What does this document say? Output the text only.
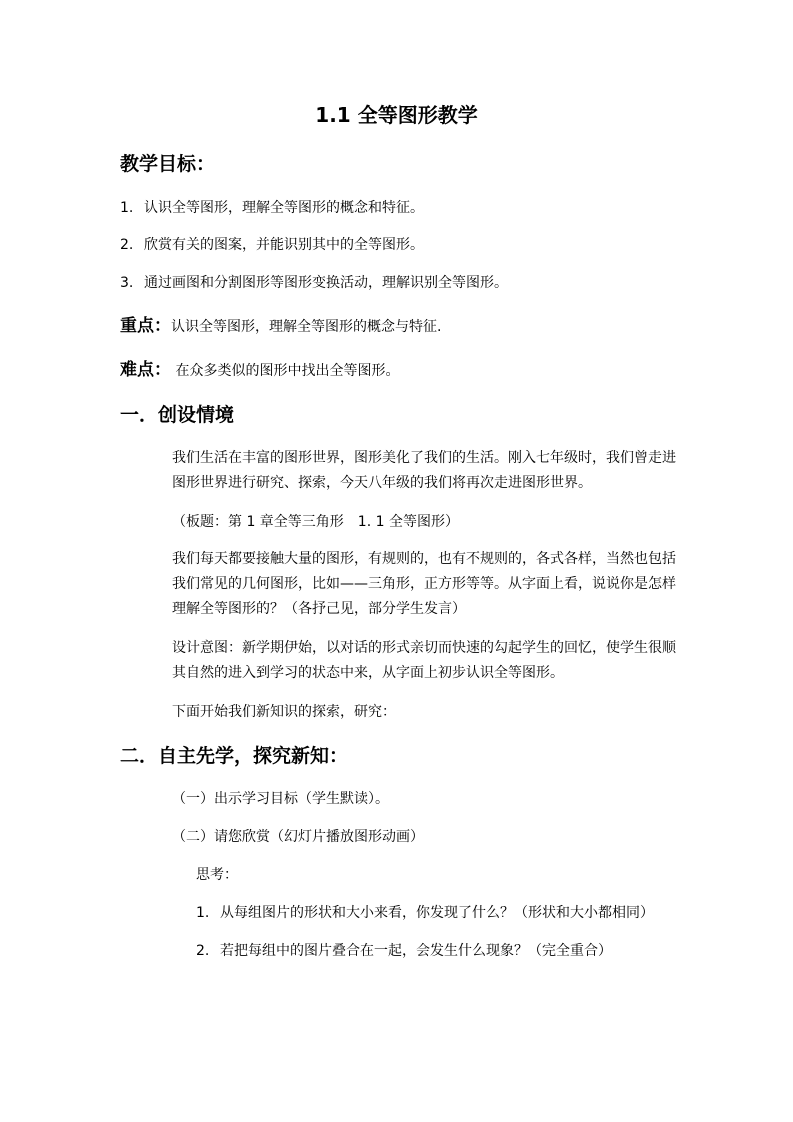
1.1 全等图形教学
教学目标：
1. 认识全等图形，理解全等图形的概念和特征。
2. 欣赏有关的图案，并能识别其中的全等图形。
3. 通过画图和分割图形等图形变换活动，理解识别全等图形。
重点：认识全等图形，理解全等图形的概念与特征.
难点： 在众多类似的图形中找出全等图形。
一．创设情境
我们生活在丰富的图形世界，图形美化了我们的生活。刚入七年级时，我们曾走进图形世界进行研究、探索，今天八年级的我们将再次走进图形世界。
（板题：第 1 章全等三角形　1. 1 全等图形）
我们每天都要接触大量的图形，有规则的，也有不规则的，各式各样，当然也包括我们常见的几何图形，比如——三角形，正方形等等。从字面上看，说说你是怎样理解全等图形的？（各抒己见，部分学生发言）
设计意图：新学期伊始，以对话的形式亲切而快速的勾起学生的回忆，使学生很顺其自然的进入到学习的状态中来，从字面上初步认识全等图形。
下面开始我们新知识的探索，研究：
二．自主先学，探究新知：
（一）出示学习目标（学生默读）。
（二）请您欣赏（幻灯片播放图形动画）
思考：
1. 从每组图片的形状和大小来看，你发现了什么？（形状和大小都相同）
2. 若把每组中的图片叠合在一起，会发生什么现象？（完全重合）
